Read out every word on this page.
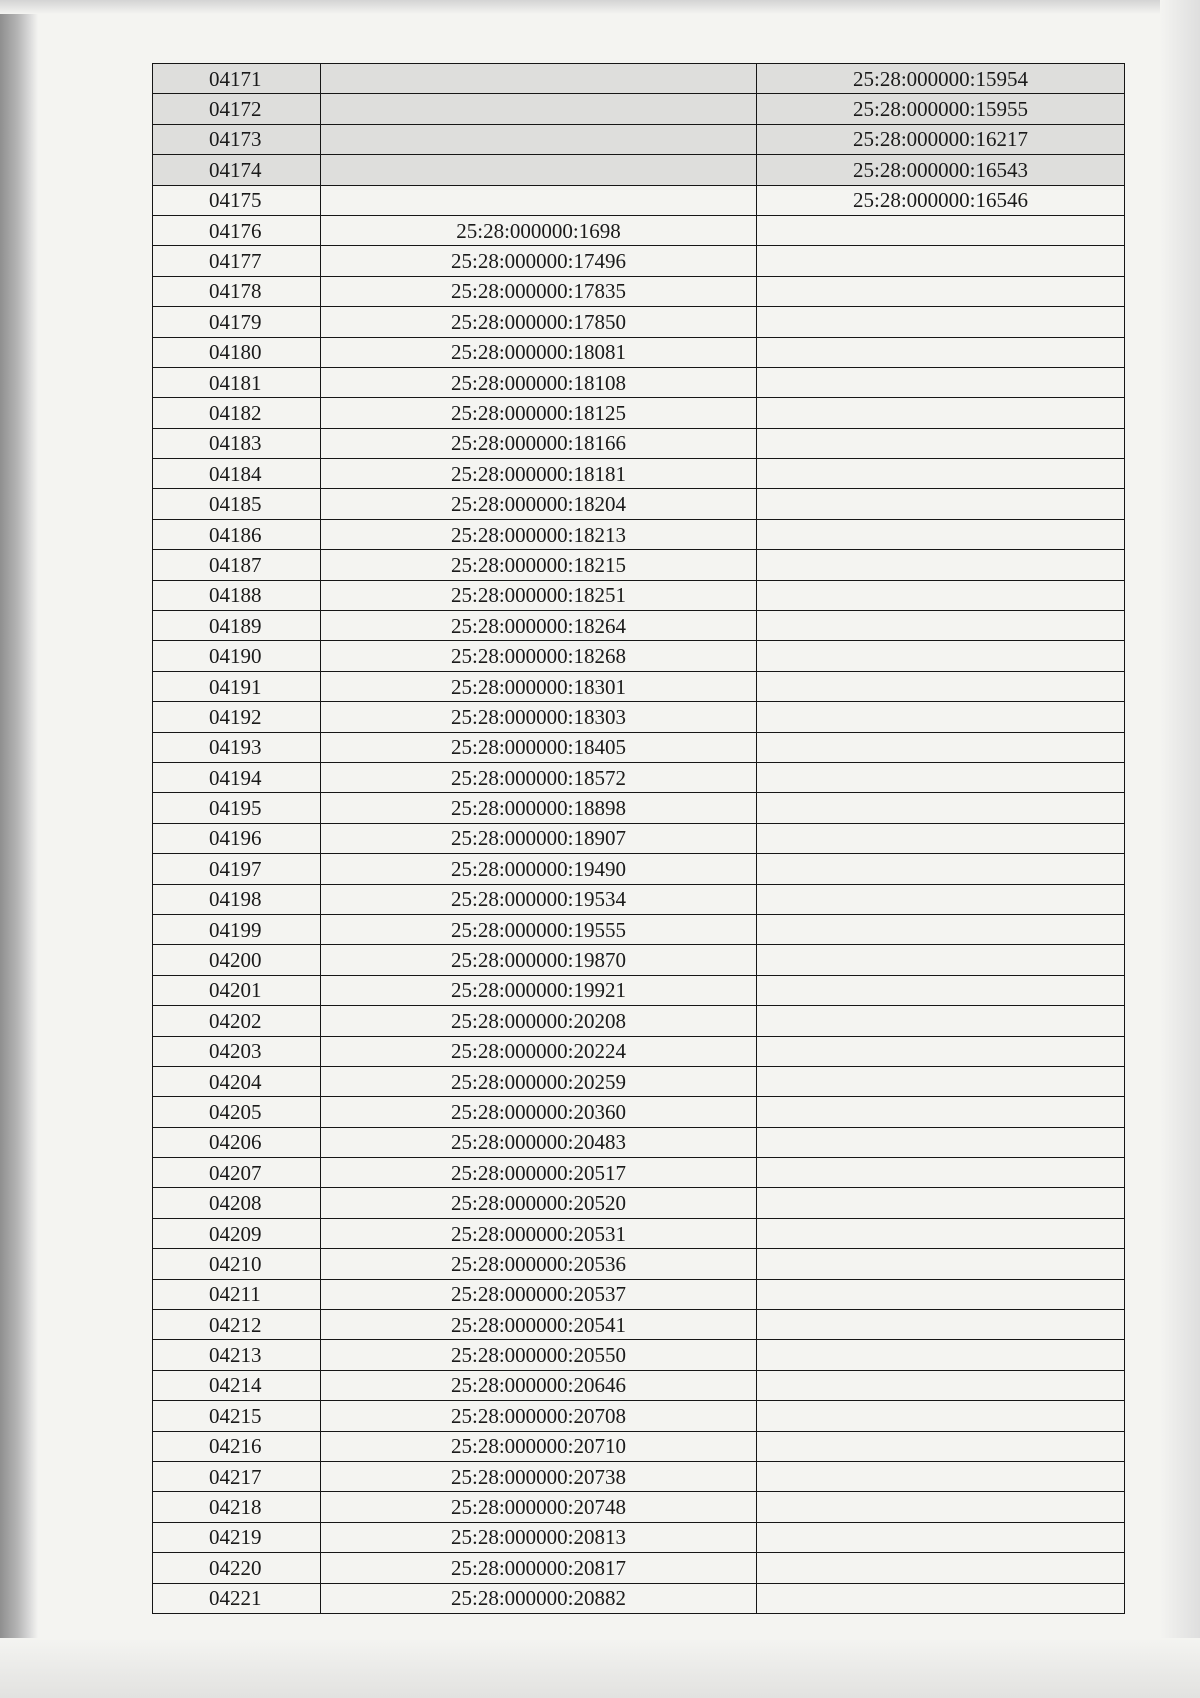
04171		25:28:000000:15954
04172		25:28:000000:15955
04173		25:28:000000:16217
04174		25:28:000000:16543
04175		25:28:000000:16546
04176	25:28:000000:1698	
04177	25:28:000000:17496	
04178	25:28:000000:17835	
04179	25:28:000000:17850	
04180	25:28:000000:18081	
04181	25:28:000000:18108	
04182	25:28:000000:18125	
04183	25:28:000000:18166	
04184	25:28:000000:18181	
04185	25:28:000000:18204	
04186	25:28:000000:18213	
04187	25:28:000000:18215	
04188	25:28:000000:18251	
04189	25:28:000000:18264	
04190	25:28:000000:18268	
04191	25:28:000000:18301	
04192	25:28:000000:18303	
04193	25:28:000000:18405	
04194	25:28:000000:18572	
04195	25:28:000000:18898	
04196	25:28:000000:18907	
04197	25:28:000000:19490	
04198	25:28:000000:19534	
04199	25:28:000000:19555	
04200	25:28:000000:19870	
04201	25:28:000000:19921	
04202	25:28:000000:20208	
04203	25:28:000000:20224	
04204	25:28:000000:20259	
04205	25:28:000000:20360	
04206	25:28:000000:20483	
04207	25:28:000000:20517	
04208	25:28:000000:20520	
04209	25:28:000000:20531	
04210	25:28:000000:20536	
04211	25:28:000000:20537	
04212	25:28:000000:20541	
04213	25:28:000000:20550	
04214	25:28:000000:20646	
04215	25:28:000000:20708	
04216	25:28:000000:20710	
04217	25:28:000000:20738	
04218	25:28:000000:20748	
04219	25:28:000000:20813	
04220	25:28:000000:20817	
04221	25:28:000000:20882	
